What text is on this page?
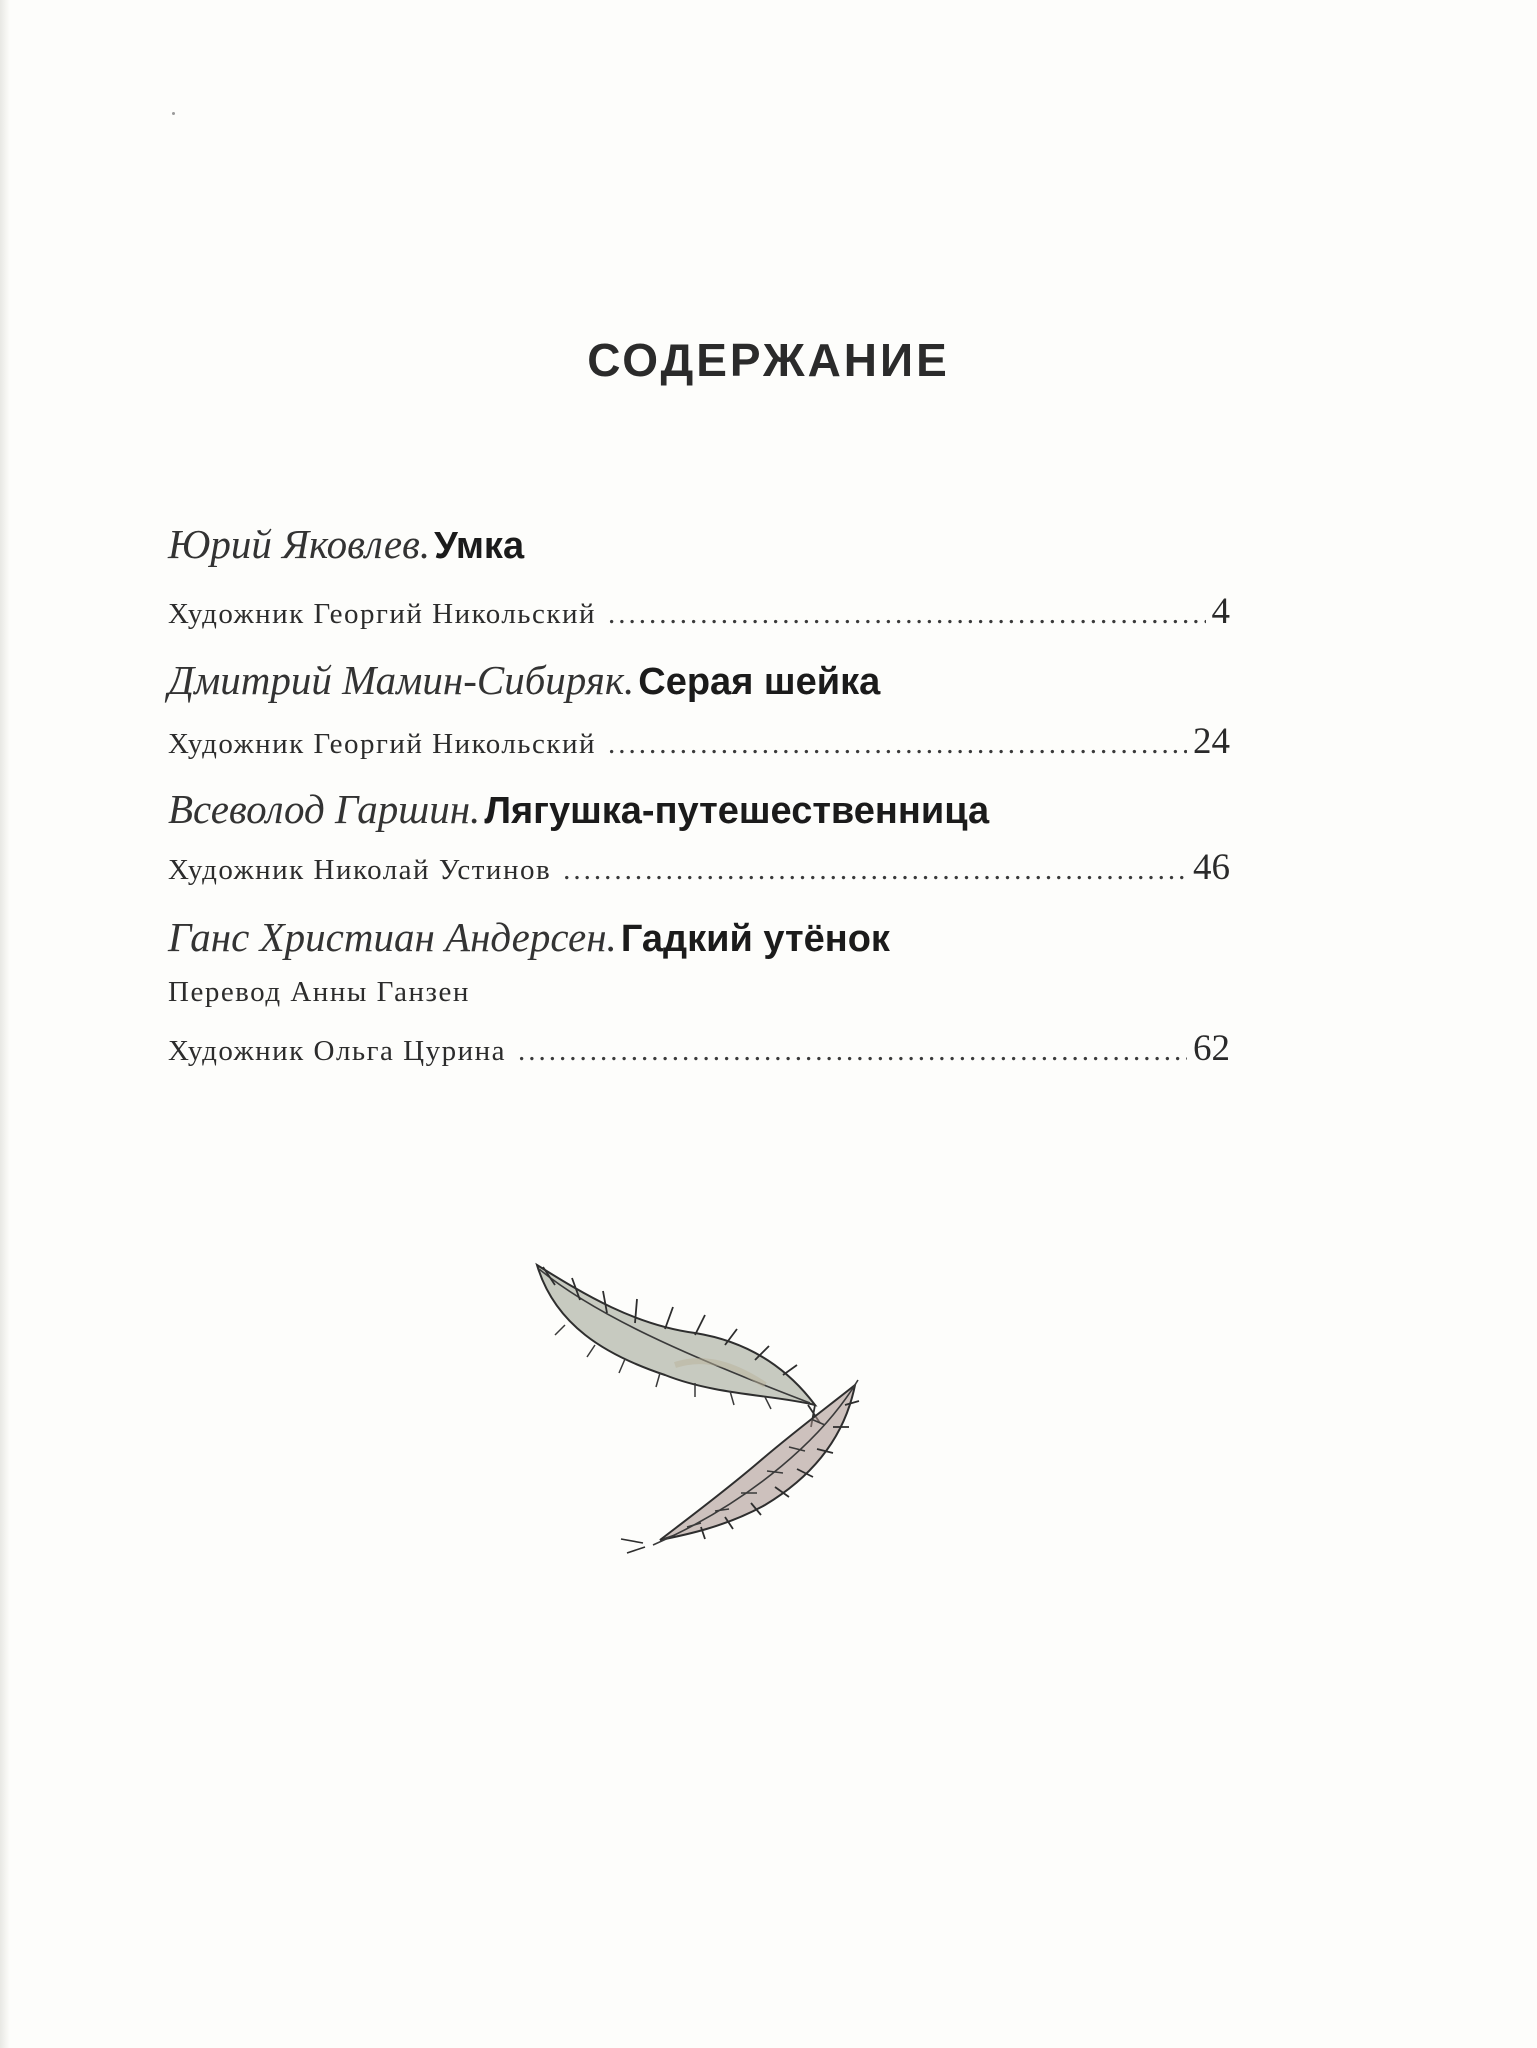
СОДЕРЖАНИЕ
Юрий Яковлев. Умка
Художник Георгий Никольский .....	4
Дмитрий Мамин-Сибиряк. Серая шейка
Художник Георгий Никольский .....	24
Всеволод Гаршин. Лягушка-путешественница
Художник Николай Устинов .....	46
Ганс Христиан Андерсен. Гадкий утёнок
Перевод Анны Ганзен
Художник Ольга Цурина .....	62
